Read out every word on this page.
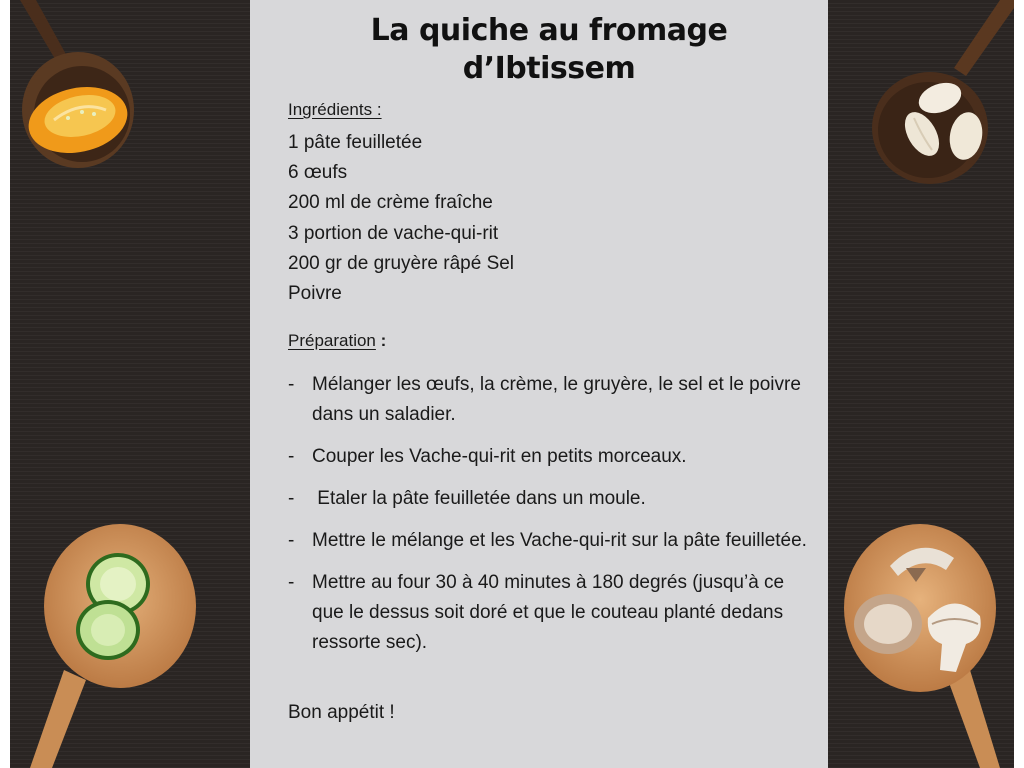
La quiche au fromage
d’Ibtissem
Ingrédients :
1 pâte feuilletée
6 œufs
200 ml de crème fraîche
3 portion de vache-qui-rit
200 gr de gruyère râpé Sel
Poivre
Préparation :
- Mélanger les œufs, la crème, le gruyère, le sel et le poivre dans un saladier.
- Couper les Vache-qui-rit en petits morceaux.
- Etaler la pâte feuilletée dans un moule.
- Mettre le mélange et les Vache-qui-rit sur la pâte feuilletée.
- Mettre au four 30 à 40 minutes à 180 degrés (jusqu’à ce que le dessus soit doré et que le couteau planté dedans ressorte sec).
Bon appétit !
